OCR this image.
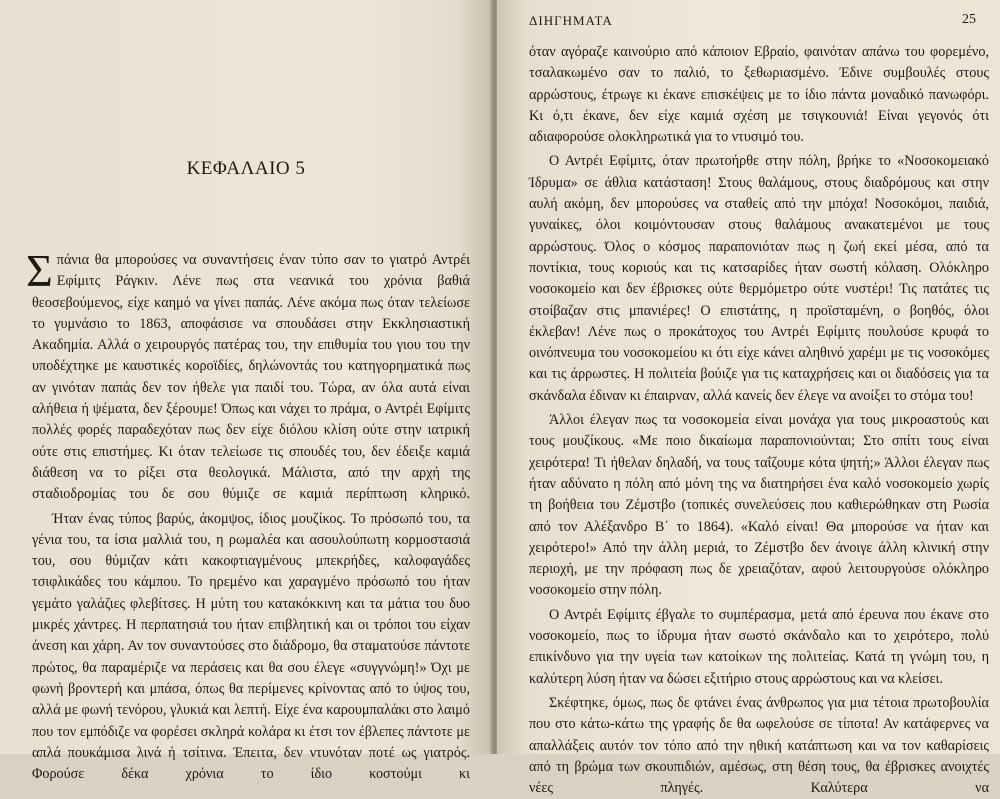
ΚΕΦΑΛΑΙΟ 5

Σπάνια θα μπορούσες να συναντήσεις έναν τύπο σαν το γιατρό Αντρέι Εφίμιτς Ράγκιν. Λένε πως στα νεανικά του χρόνια βαθιά θεοσεβούμενος, είχε καημό να γίνει παπάς. Λένε ακόμα πως όταν τελείωσε το γυμνάσιο το 1863, αποφάσισε να σπουδάσει στην Εκκλησιαστική Ακαδημία. Αλλά ο χειρουργός πατέρας του, την επιθυμία του γιου του την υποδέχτηκε με καυστικές κοροϊδίες, δηλώνοντάς του κατηγορηματικά πως αν γινόταν παπάς δεν τον ήθελε για παιδί του. Τώρα, αν όλα αυτά είναι αλήθεια ή ψέματα, δεν ξέρουμε! Όπως και νάχει το πράμα, ο Αντρέι Εφίμιτς πολλές φορές παραδεχόταν πως δεν είχε διόλου κλίση ούτε στην ιατρική ούτε στις επιστήμες. Κι όταν τελείωσε τις σπουδές του, δεν έδειξε καμιά διάθεση να το ρίξει στα θεολογικά. Μάλιστα, από την αρχή της σταδιοδρομίας του δε σου θύμιζε σε καμιά περίπτωση κληρικό.

Ήταν ένας τύπος βαρύς, άκομψος, ίδιος μουζίκος. Το πρόσωπό του, τα γένια του, τα ίσια μαλλιά του, η ρωμαλέα και ασουλούπωτη κορμοστασιά του, σου θύμιζαν κάτι κακοφτιαγμένους μπεκρήδες, καλοφαγάδες τσιφλικάδες του κάμπου. Το ηρεμένο και χαραγμένο πρόσωπό του ήταν γεμάτο γαλάζιες φλεβίτσες. Η μύτη του κατακόκκινη και τα μάτια του δυο μικρές χάντρες. Η περπατησιά του ήταν επιβλητική και οι τρόποι του είχαν άνεση και χάρη. Αν τον συναντούσες στο διάδρομο, θα σταματούσε πάντοτε πρώτος, θα παραμέριζε να περάσεις και θα σου έλεγε «συγγνώμη!» Όχι με φωνή βροντερή και μπάσα, όπως θα περίμενες κρίνοντας από το ύψος του, αλλά με φωνή τενόρου, γλυκιά και λεπτή. Είχε ένα καρουμπαλάκι στο λαιμό που τον εμπόδιζε να φορέσει σκληρά κολάρα κι έτσι τον έβλεπες πάντοτε με απλά πουκάμισα λινά ή τσίτινα. Έπειτα, δεν ντυνόταν ποτέ ως γιατρός. Φορούσε δέκα χρόνια το ίδιο κοστούμι κι

ΔΙΗΓΗΜΑΤΑ	25

όταν αγόραζε καινούριο από κάποιον Εβραίο, φαινόταν απάνω του φορεμένο, τσαλακωμένο σαν το παλιό, το ξεθωριασμένο. Έδινε συμβουλές στους αρρώστους, έτρωγε κι έκανε επισκέψεις με το ίδιο πάντα μοναδικό πανωφόρι. Κι ό,τι έκανε, δεν είχε καμιά σχέση με τσιγκουνιά! Είναι γεγονός ότι αδιαφορούσε ολοκληρωτικά για το ντυσιμό του.

Ο Αντρέι Εφίμιτς, όταν πρωτοήρθε στην πόλη, βρήκε το «Νοσοκομειακό Ίδρυμα» σε άθλια κατάσταση! Στους θαλάμους, στους διαδρόμους και στην αυλή ακόμη, δεν μπορούσες να σταθείς από την μπόχα! Νοσοκόμοι, παιδιά, γυναίκες, όλοι κοιμόντουσαν στους θαλάμους ανακατεμένοι με τους αρρώστους. Όλος ο κόσμος παραπονιόταν πως η ζωή εκεί μέσα, από τα ποντίκια, τους κοριούς και τις κατσαρίδες ήταν σωστή κόλαση. Ολόκληρο νοσοκομείο και δεν έβρισκες ούτε θερμόμετρο ούτε νυστέρι! Τις πατάτες τις στοίβαζαν στις μπανιέρες! Ο επιστάτης, η προϊσταμένη, ο βοηθός, όλοι έκλεβαν! Λένε πως ο προκάτοχος του Αντρέι Εφίμιτς πουλούσε κρυφά το οινόπνευμα του νοσοκομείου κι ότι είχε κάνει αληθινό χαρέμι με τις νοσοκόμες και τις άρρωστες. Η πολιτεία βούιζε για τις καταχρήσεις και οι διαδόσεις για τα σκάνδαλα έδιναν κι έπαιρναν, αλλά κανείς δεν έλεγε να ανοίξει το στόμα του!

Άλλοι έλεγαν πως τα νοσοκομεία είναι μονάχα για τους μικροαστούς και τους μουζίκους. «Με ποιο δικαίωμα παραπονιούνται; Στο σπίτι τους είναι χειρότερα! Τι ήθελαν δηλαδή, να τους ταΐζουμε κότα ψητή;» Άλλοι έλεγαν πως ήταν αδύνατο η πόλη από μόνη της να διατηρήσει ένα καλό νοσοκομείο χωρίς τη βοήθεια του Ζέμστβο (τοπικές συνελεύσεις που καθιερώθηκαν στη Ρωσία από τον Αλέξανδρο Β΄ το 1864). «Καλό είναι! Θα μπορούσε να ήταν και χειρότερο!» Από την άλλη μεριά, το Ζέμστβο δεν άνοιγε άλλη κλινική στην περιοχή, με την πρόφαση πως δε χρειαζόταν, αφού λειτουργούσε ολόκληρο νοσοκομείο στην πόλη.

Ο Αντρέι Εφίμιτς έβγαλε το συμπέρασμα, μετά από έρευνα που έκανε στο νοσοκομείο, πως το ίδρυμα ήταν σωστό σκάνδαλο και το χειρότερο, πολύ επικίνδυνο για την υγεία των κατοίκων της πολιτείας. Κατά τη γνώμη του, η καλύτερη λύση ήταν να δώσει εξιτήριο στους αρρώστους και να κλείσει.

Σκέφτηκε, όμως, πως δε φτάνει ένας άνθρωπος για μια τέτοια πρωτοβουλία που στο κάτω-κάτω της γραφής δε θα ωφελούσε σε τίποτα! Αν κατάφερνες να απαλλάξεις αυτόν τον τόπο από την ηθική κατάπτωση και να τον καθαρίσεις από τη βρώμα των σκουπιδιών, αμέσως, στη θέση τους, θα έβρισκες ανοιχτές νέες πληγές. Καλύτερα να
